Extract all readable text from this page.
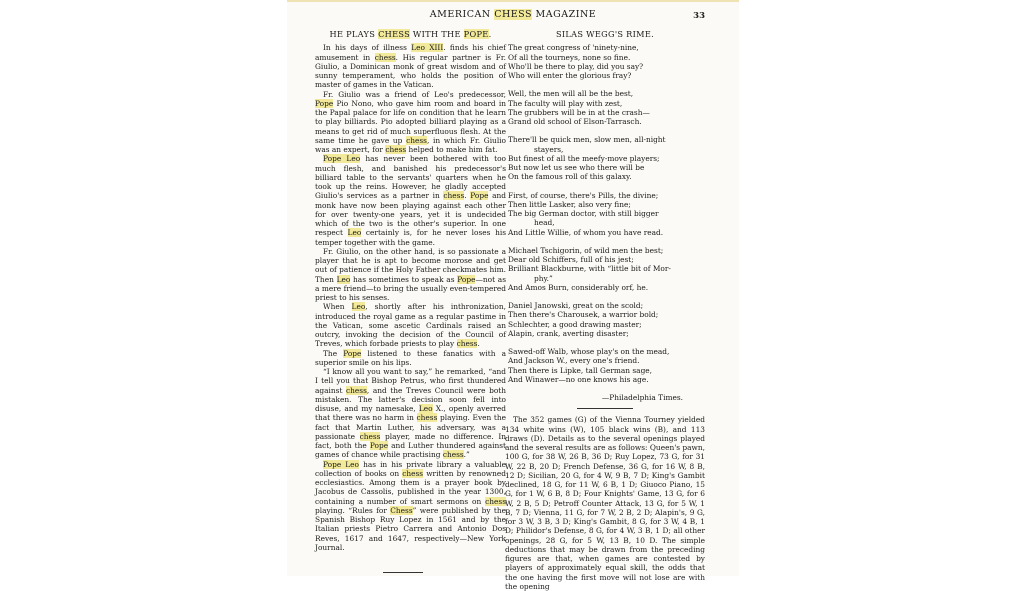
AMERICAN CHESS MAGAZINE	33
HE PLAYS CHESS WITH THE POPE.

In his days of illness Leo XIII. finds his chief amusement in chess. His regular partner is Fr. Giulio, a Dominican monk of great wisdom and of sunny temperament, who holds the position of master of games in the Vatican.

Fr. Giulio was a friend of Leo's predecessor, Pope Pio Nono, who gave him room and board in the Papal palace for life on condition that he learn to play billiards. Pio adopted billiard playing as a means to get rid of much superfluous flesh. At the same time he gave up chess, in which Fr. Giulio was an expert, for chess helped to make him fat.

Pope Leo has never been bothered with too much flesh, and banished his predecessor's billiard table to the servants' quarters when he took up the reins. However, he gladly accepted Giulio's services as a partner in chess. Pope and monk have now been playing against each other for over twenty-one years, yet it is undecided which of the two is the other's superior. In one respect Leo certainly is, for he never loses his temper together with the game.

Fr. Giulio, on the other hand, is so passionate a player that he is apt to become morose and get out of patience if the Holy Father checkmates him. Then Leo has sometimes to speak as Pope—not as a mere friend—to bring the usually even-tempered priest to his senses.

When Leo, shortly after his inthronization, introduced the royal game as a regular pastime in the Vatican, some ascetic Cardinals raised an outcry, invoking the decision of the Council of Treves, which forbade priests to play chess.

The Pope listened to these fanatics with a superior smile on his lips.

“I know all you want to say,” he remarked, “and I tell you that Bishop Petrus, who first thundered against chess, and the Treves Council were both mistaken. The latter's decision soon fell into disuse, and my namesake, Leo X., openly averred that there was no harm in chess playing. Even the fact that Martin Luther, his adversary, was a passionate chess player, made no difference. In fact, both the Pope and Luther thundered against games of chance while practising chess.”

Pope Leo has in his private library a valuable collection of books on chess written by renowned ecclesiastics. Among them is a prayer book by Jacobus de Cassolis, published in the year 1300, containing a number of smart sermons on chess playing. “Rules for Chess” were published by the Spanish Bishop Ruy Lopez in 1561 and by the Italian priests Pietro Carrera and Antonio Dos Reves, 1617 and 1647, respectively—New York Journal.

SILAS WEGG'S RIME.
The great congress of 'ninety-nine,
Of all the tourneys, none so fine.
Who'll be there to play, did you say?
Who will enter the glorious fray?
Well, the men will all be the best,
The faculty will play with zest,
The grubbers will be in at the crash—
Grand old school of Elson-Tarrasch.
There'll be quick men, slow men, all-night
stayers,
But finest of all the meefy-move players;
But now let us see who there will be
On the famous roll of this galaxy.
First, of course, there's Pills, the divine;
Then little Lasker, also very fine;
The big German doctor, with still bigger
head,
And Little Willie, of whom you have read.
Michael Tschigorin, of wild men the best;
Dear old Schiffers, full of his jest;
Brilliant Blackburne, with “little bit of Mor-
phy.”
And Amos Burn, considerably orf, he.
Daniel Janowski, great on the scold;
Then there's Charousek, a warrior bold;
Schlechter, a good drawing master;
Alapin, crank, averting disaster;
Sawed-off Walb, whose play's on the mead,
And Jackson W., every one's friend.
Then there is Lipke, tall German sage,
And Winawer—no one knows his age.
—Philadelphia Times.

The 352 games (G) of the Vienna Tourney yielded 134 white wins (W), 105 black wins (B), and 113 draws (D). Details as to the several openings played and the several results are as follows: Queen's pawn, 100 G, for 38 W, 26 B, 36 D; Ruy Lopez, 73 G, for 31 W, 22 B, 20 D; French Defense, 36 G, for 16 W, 8 B, 12 D; Sicilian, 20 G, for 4 W, 9 B, 7 D; King's Gambit declined, 18 G, for 11 W, 6 B, 1 D; Giuoco Piano, 15 G, for 1 W, 6 B, 8 D; Four Knights' Game, 13 G, for 6 W, 2 B, 5 D; Petroff Counter Attack, 13 G, for 5 W, 1 B, 7 D; Vienna, 11 G, for 7 W, 2 B, 2 D; Alapin's, 9 G, for 3 W, 3 B, 3 D; King's Gambit, 8 G, for 3 W, 4 B, 1 D; Philidor's Defense, 8 G, for 4 W, 3 B, 1 D; all other openings, 28 G, for 5 W, 13 B, 10 D. The simple deductions that may be drawn from the preceding figures are that, when games are contested by players of approximately equal skill, the odds that the one having the first move will not lose are with the opening
